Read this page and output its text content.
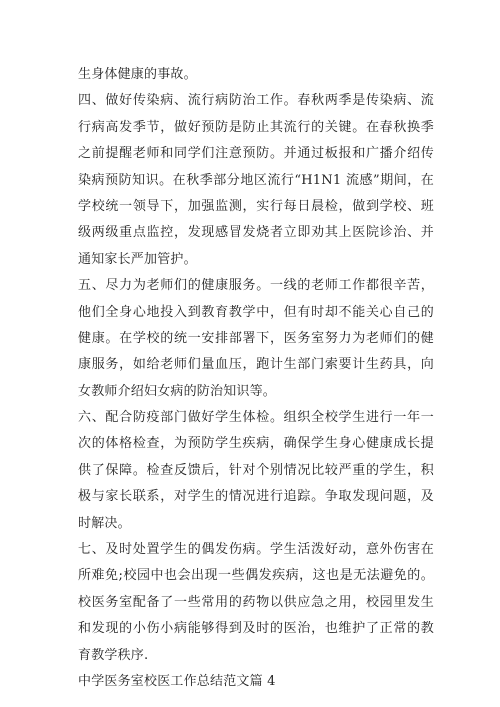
生身体健康的事故。
四、做好传染病、流行病防治工作。春秋两季是传染病、流
行病高发季节，做好预防是防止其流行的关键。在春秋换季
之前提醒老师和同学们注意预防。并通过板报和广播介绍传
染病预防知识。在秋季部分地区流行“H1N1 流感”期间，在
学校统一领导下，加强监测，实行每日晨检，做到学校、班
级两级重点监控，发现感冒发烧者立即劝其上医院诊治、并
通知家长严加管护。
五、尽力为老师们的健康服务。一线的老师工作都很辛苦，
他们全身心地投入到教育教学中，但有时却不能关心自己的
健康。在学校的统一安排部署下，医务室努力为老师们的健
康服务，如给老师们量血压，跑计生部门索要计生药具，向
女教师介绍妇女病的防治知识等。
六、配合防疫部门做好学生体检。组织全校学生进行一年一
次的体格检查，为预防学生疾病，确保学生身心健康成长提
供了保障。检查反馈后，针对个别情况比较严重的学生，积
极与家长联系，对学生的情况进行追踪。争取发现问题，及
时解决。
七、及时处置学生的偶发伤病。学生活泼好动，意外伤害在
所难免;校园中也会出现一些偶发疾病，这也是无法避免的。
校医务室配备了一些常用的药物以供应急之用，校园里发生
和发现的小伤小病能够得到及时的医治，也维护了正常的教
育教学秩序.
中学医务室校医工作总结范文篇 4
